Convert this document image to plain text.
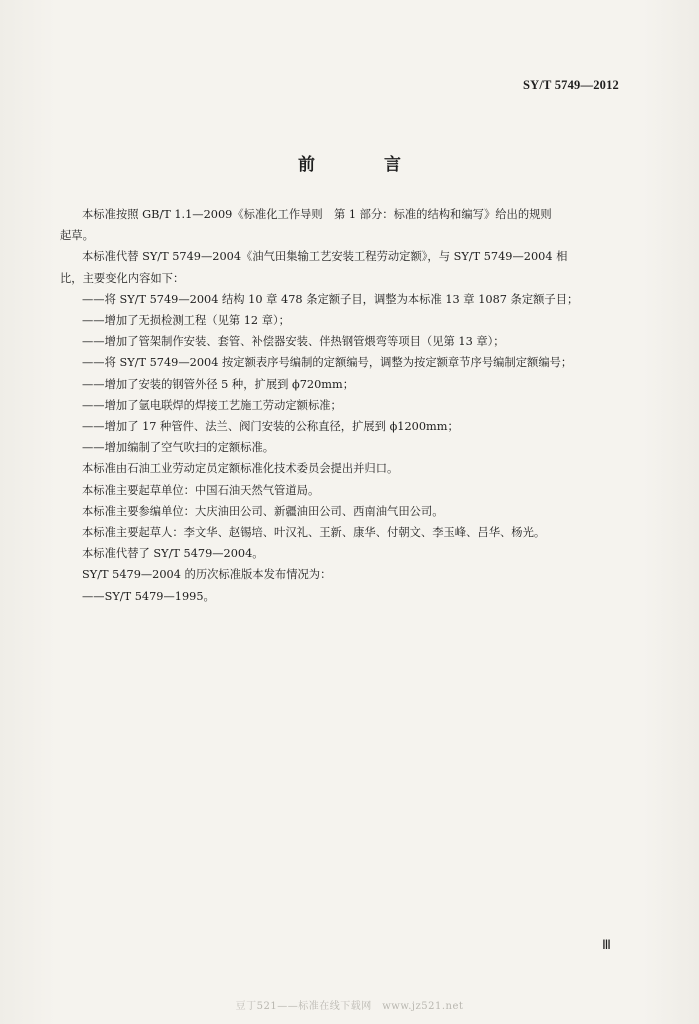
SY/T 5749—2012
前　言

本标准按照 GB/T 1.1—2009《标准化工作导则　第 1 部分：标准的结构和编写》给出的规则

起草。

本标准代替 SY/T 5749—2004《油气田集输工艺安装工程劳动定额》，与 SY/T 5749—2004 相

比，主要变化内容如下：

——将 SY/T 5749—2004 结构 10 章 478 条定额子目，调整为本标准 13 章 1087 条定额子目；

——增加了无损检测工程（见第 12 章）；

——增加了管架制作安装、套管、补偿器安装、伴热钢管煨弯等项目（见第 13 章）；

——将 SY/T 5749—2004 按定额表序号编制的定额编号，调整为按定额章节序号编制定额编号；

——增加了安装的钢管外径 5 种，扩展到 ϕ720mm；

——增加了氩电联焊的焊接工艺施工劳动定额标准；

——增加了 17 种管件、法兰、阀门安装的公称直径，扩展到 ϕ1200mm；

——增加编制了空气吹扫的定额标准。

本标准由石油工业劳动定员定额标准化技术委员会提出并归口。

本标准主要起草单位：中国石油天然气管道局。

本标准主要参编单位：大庆油田公司、新疆油田公司、西南油气田公司。

本标准主要起草人：李文华、赵锡培、叶汉礼、王新、康华、付朝文、李玉峰、吕华、杨光。

本标准代替了 SY/T 5479—2004。

SY/T 5479—2004 的历次标准版本发布情况为：

——SY/T 5479—1995。

Ⅲ
豆丁521——标准在线下载网　www.jz521.net
